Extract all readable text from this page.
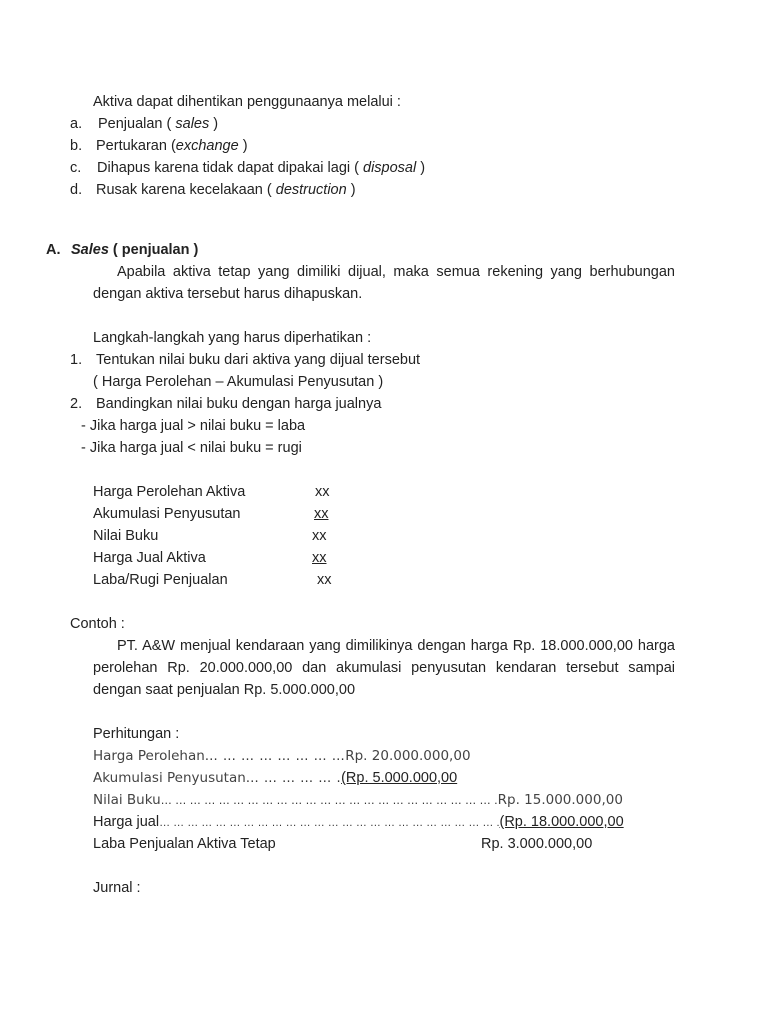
Aktiva dapat dihentikan penggunaanya melalui :
a. Penjualan ( sales )
b. Pertukaran (exchange )
c. Dihapus karena tidak dapat dipakai lagi ( disposal )
d. Rusak karena kecelakaan ( destruction )
A. Sales ( penjualan )
Apabila aktiva tetap yang dimiliki dijual, maka semua rekening yang berhubungan dengan aktiva tersebut harus dihapuskan.
Langkah-langkah yang harus diperhatikan :
1. Tentukan nilai buku dari aktiva yang dijual tersebut
( Harga Perolehan – Akumulasi Penyusutan )
2. Bandingkan nilai buku dengan harga jualnya
- Jika harga jual > nilai buku = laba
- Jika harga jual < nilai buku = rugi
Harga Perolehan Aktiva	xx
Akumulasi Penyusutan	xx
Nilai Buku	xx
Harga Jual Aktiva	xx
Laba/Rugi Penjualan	xx
Contoh :
PT. A&W menjual kendaraan yang dimilikinya dengan harga Rp. 18.000.000,00 harga perolehan Rp. 20.000.000,00 dan akumulasi penyusutan kendaran tersebut sampai dengan saat penjualan Rp. 5.000.000,00
Perhitungan :
Harga Perolehan… … … … … … … …Rp. 20.000.000,00
Akumulasi Penyusutan… … … … … .(Rp. 5.000.000,00
Nilai Buku… … … … … … … … … … … … … … … … … … … … … … … .Rp. 15.000.000,00
Harga jual… … … … … … … … … … … … … … … … … … … … … … … … .(Rp. 18.000.000,00
Laba Penjualan Aktiva Tetap	Rp. 3.000.000,00
Jurnal :
